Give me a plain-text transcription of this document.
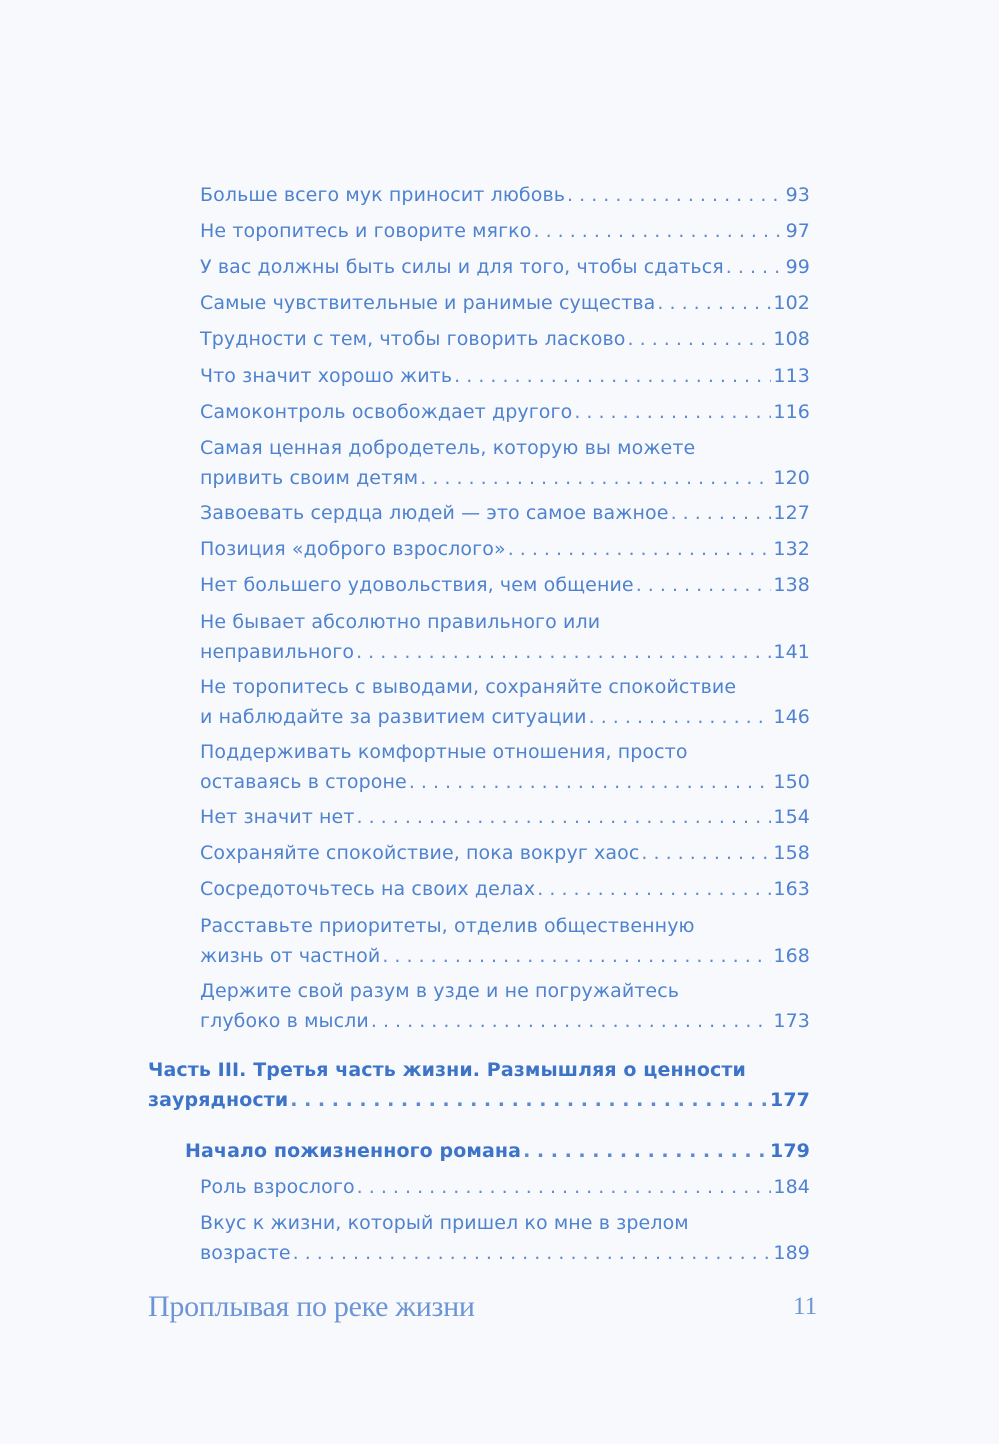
Больше всего мук приносит любовь . . .	93
Не торопитесь и говорите мягко . . .	97
У вас должны быть силы и для того, чтобы сдаться . . .	99
Самые чувствительные и ранимые существа . . .	102
Трудности с тем, чтобы говорить ласково . . .	108
Что значит хорошо жить . . .	113
Самоконтроль освобождает другого . . .	116
Самая ценная добродетель, которую вы можете
привить своим детям . . .	120
Завоевать сердца людей — это самое важное . . .	127
Позиция «доброго взрослого» . . .	132
Нет большего удовольствия, чем общение . . .	138
Не бывает абсолютно правильного или
неправильного . . .	141
Не торопитесь с выводами, сохраняйте спокойствие
и наблюдайте за развитием ситуации . . .	146
Поддерживать комфортные отношения, просто
оставаясь в стороне . . .	150
Нет значит нет . . .	154
Сохраняйте спокойствие, пока вокруг хаос . . .	158
Сосредоточьтесь на своих делах . . .	163
Расставьте приоритеты, отделив общественную
жизнь от частной . . .	168
Держите свой разум в узде и не погружайтесь
глубоко в мысли . . .	173
Часть III. Третья часть жизни. Размышляя о ценности
заурядности . . .	177
Начало пожизненного романа . . .	179
Роль взрослого . . .	184
Вкус к жизни, который пришел ко мне в зрелом
возрасте . . .	189
Проплывая по реке жизни	11
